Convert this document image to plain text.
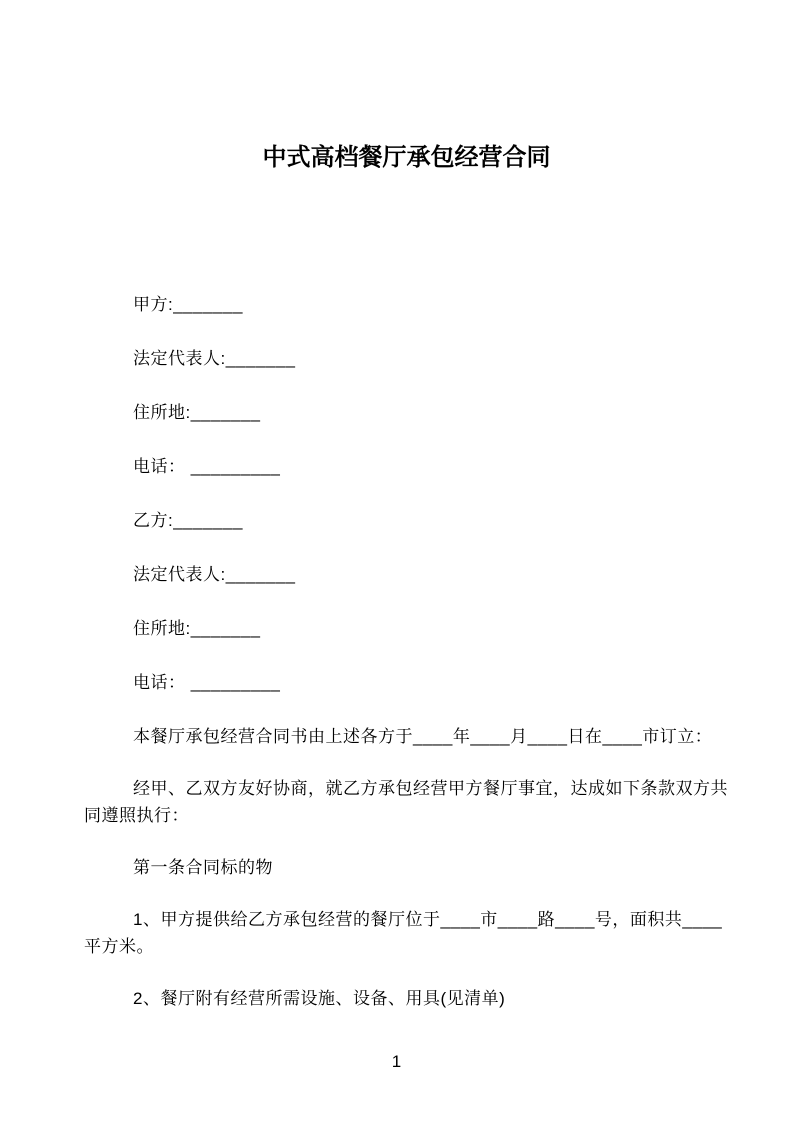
中式高档餐厅承包经营合同

甲方:_______

法定代表人:_______

住所地:_______

电话： _________

乙方:_______

法定代表人:_______

住所地:_______

电话： _________

本餐厅承包经营合同书由上述各方于____年____月____日在____市订立：

经甲、乙双方友好协商，就乙方承包经营甲方餐厅事宜，达成如下条款双方共同遵照执行：

第一条合同标的物

1、甲方提供给乙方承包经营的餐厅位于____市____路____号，面积共____平方米。

2、餐厅附有经营所需设施、设备、用具(见清单)

1
